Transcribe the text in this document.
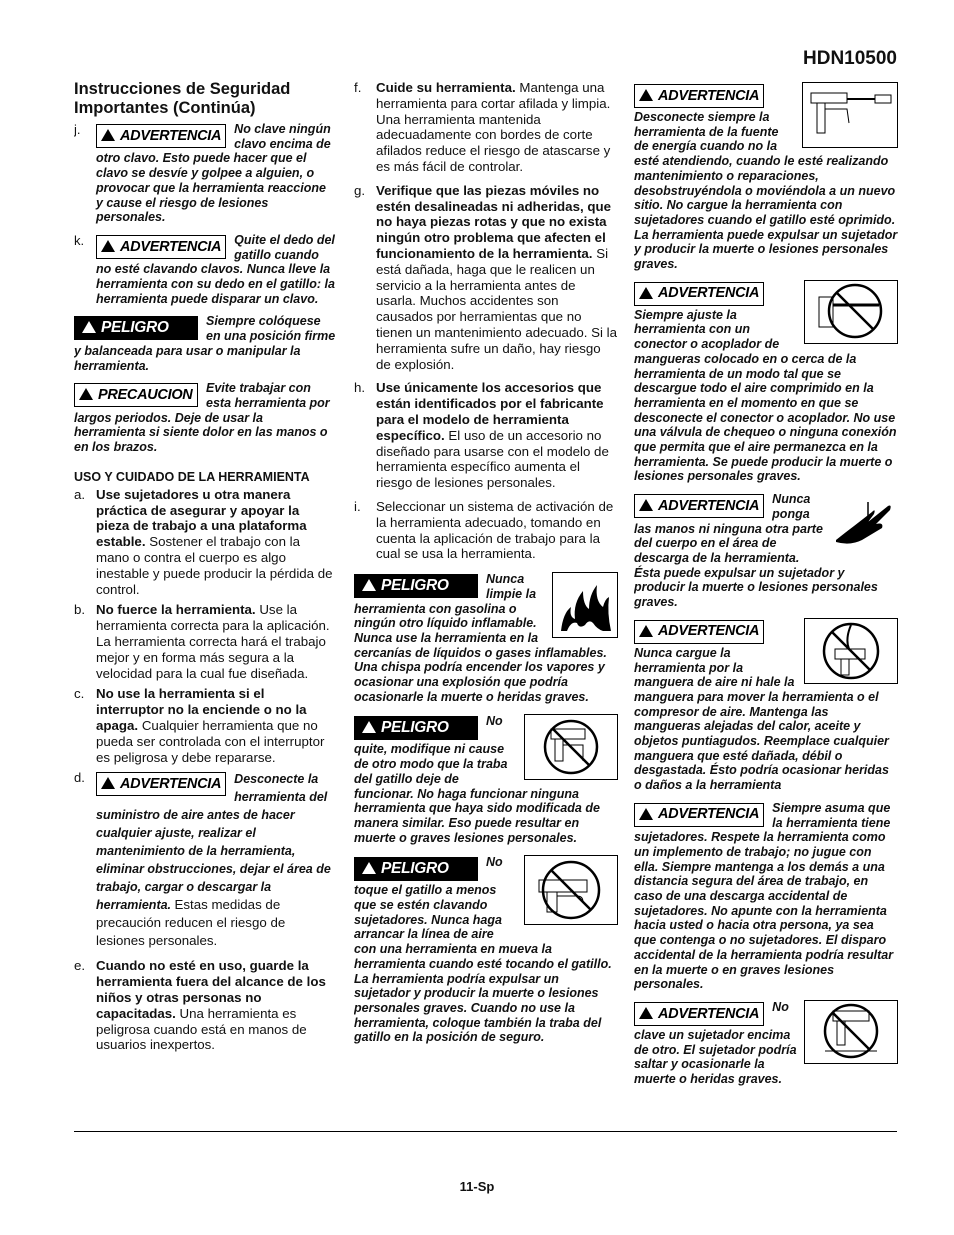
HDN10500
Instrucciones de Seguridad Importantes (Continúa)
j.	ADVERTENCIA No clave ningún clavo encima de otro clavo. Esto puede hacer que el clavo se desvíe y golpee a alguien, o provocar que la herramienta reaccione y cause el riesgo de lesiones personales.
k.	ADVERTENCIA Quite el dedo del gatillo cuando no esté clavando clavos. Nunca lleve la herramienta con su dedo en el gatillo: la herramienta puede disparar un clavo.
PELIGRO	Siempre colóquese en una posición firme y balanceada para usar o manipular la herramienta.
PRECAUCION Evite trabajar con esta herramienta por largos periodos. Deje de usar la herramienta si siente dolor en las manos o en los brazos.
USO Y CUIDADO DE LA HERRAMIENTA
a. Use sujetadores u otra manera práctica de asegurar y apoyar la pieza de trabajo a una plataforma estable. Sostener el trabajo con la mano o contra el cuerpo es algo inestable y puede producir la pérdida de control.
b. No fuerce la herramienta. Use la herramienta correcta para la aplicación. La herramienta correcta hará el trabajo mejor y en forma más segura a la velocidad para la cual fue diseñada.
c. No use la herramienta si el interruptor no la enciende o no la apaga. Cualquier herramienta que no pueda ser controlada con el interruptor es peligrosa y debe repararse.
d.	ADVERTENCIA Desconecte la herramienta del suministro de aire antes de hacer cualquier ajuste, realizar el mantenimiento de la herramienta, eliminar obstrucciones, dejar el área de trabajo, cargar o descargar la herramienta. Estas medidas de precaución reducen el riesgo de lesiones personales.
e. Cuando no esté en uso, guarde la herramienta fuera del alcance de los niños y otras personas no capacitadas. Una herramienta es peligrosa cuando está en manos de usuarios inexpertos.
f.	Cuide su herramienta. Mantenga una herramienta para cortar afilada y limpia. Una herramienta mantenida adecuadamente con bordes de corte afilados reduce el riesgo de atascarse y es más fácil de controlar.
g. Verifique que las piezas móviles no estén desalineadas ni adheridas, que no haya piezas rotas y que no exista ningún otro problema que afecten el funcionamiento de la herramienta. Si está dañada, haga que le realicen un servicio a la herramienta antes de usarla. Muchos accidentes son causados por herramientas que no tienen un mantenimiento adecuado. Si la herramienta sufre un daño, hay riesgo de explosión.
h. Use únicamente los accesorios que están identificados por el fabricante para el modelo de herramienta específico. El uso de un accesorio no diseñado para usarse con el modelo de herramienta específico aumenta el riesgo de lesiones personales.
i.	Seleccionar un sistema de activación de la herramienta adecuado, tomando en cuenta la aplicación de trabajo para la cual se usa la herramienta.
PELIGRO	Nunca limpie la herramienta con gasolina o ningún otro líquido inflamable. Nunca use la herramienta en la cercanías de líquidos o gases inflamables. Una chispa podría encender los vapores y ocasionar una explosión que podría ocasionarle la muerte o heridas graves.
PELIGRO	No quite, modifique ni cause de otro modo que la traba del gatillo deje de funcionar. No haga funcionar ninguna herramienta que haya sido modificada de manera similar. Eso puede resultar en muerte o graves lesiones personales.
PELIGRO	No toque el gatillo a menos que se estén clavando sujetadores. Nunca haga arrancar la línea de aire con una herramienta en mueva la herramienta cuando esté tocando el gatillo. La herramienta podría expulsar un sujetador y producir la muerte o lesiones personales graves. Cuando no use la herramienta, coloque también la traba del gatillo en la posición de seguro.
ADVERTENCIA
Desconecte siempre la herramienta de la fuente de energía cuando no la esté atendiendo, cuando le esté realizando mantenimiento o reparaciones, desobstruyéndola o moviéndola a un nuevo sitio. No cargue la herramienta con sujetadores cuando el gatillo esté oprimido. La herramienta puede expulsar un sujetador y producir la muerte o lesiones personales graves.
ADVERTENCIA
Siempre ajuste la herramienta con un conector o acoplador de mangueras colocado en o cerca de la herramienta de un modo tal que se descargue todo el aire comprimido en la herramienta en el momento en que se desconecte el conector o acoplador. No use una válvula de chequeo o ninguna conexión que permita que el aire permanezca en la herramienta. Se puede producir la muerte o lesiones personales graves.
ADVERTENCIA Nunca ponga las manos ni ninguna otra parte del cuerpo en el área de descarga de la herramienta. Ésta puede expulsar un sujetador y producir la muerte o lesiones personales graves.
ADVERTENCIA
Nunca cargue la herramienta por la manguera de aire ni hale la manguera para mover la herramienta o el compresor de aire. Mantenga las mangueras alejadas del calor, aceite y objetos puntiagudos. Reemplace cualquier manguera que esté dañada, débil o desgastada. Ésto podría ocasionar heridas o daños a la herramienta
ADVERTENCIA Siempre asuma que la herramienta tiene sujetadores. Respete la herramienta como un implemento de trabajo; no jugue con ella. Siempre mantenga a los demás a una distancia segura del área de trabajo, en caso de una descarga accidental de sujetadores. No apunte con la herramienta hacia usted o hacia otra persona, ya sea que contenga o no sujetadores. El disparo accidental de la herramienta podría resultar en la muerte o en graves lesiones personales.
ADVERTENCIA No clave un sujetador encima de otro. El sujetador podría saltar y ocasionarle la muerte o heridas graves.
11-Sp
